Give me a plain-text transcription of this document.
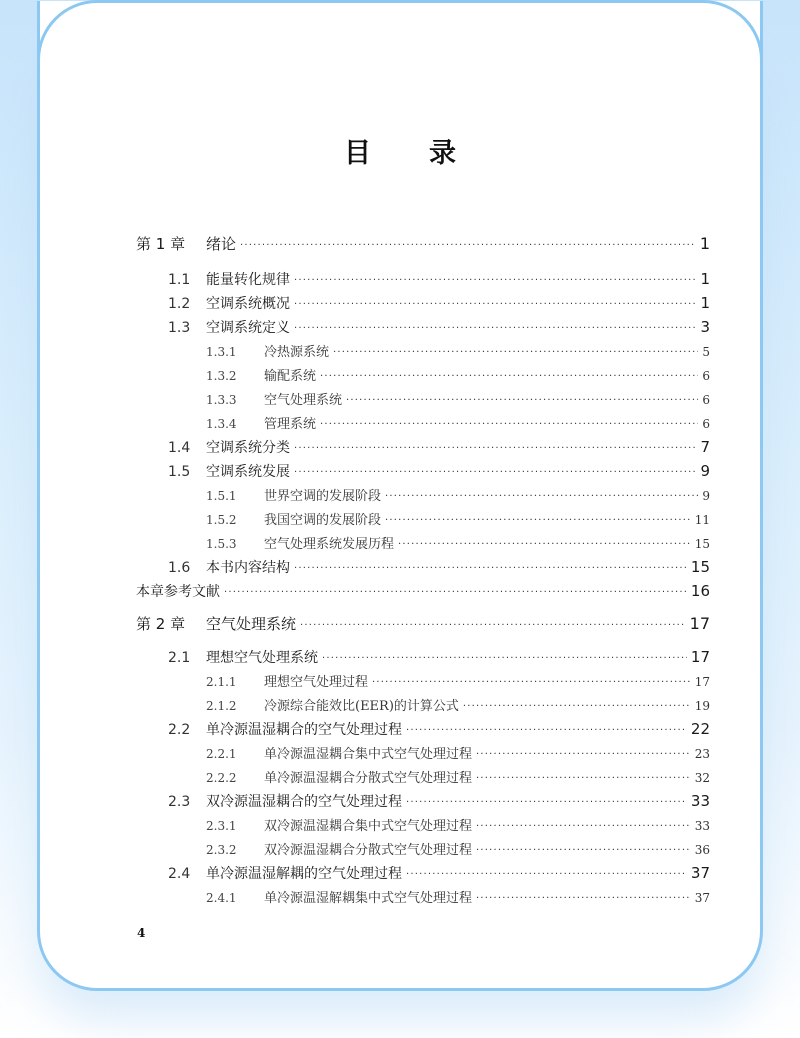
目 录
第 1 章	绪论 ·····	1
1.1	能量转化规律 ·····	1
1.2	空调系统概况 ·····	1
1.3	空调系统定义 ·····	3
1.3.1	冷热源系统 ·····	5
1.3.2	输配系统 ·····	6
1.3.3	空气处理系统 ·····	6
1.3.4	管理系统 ·····	6
1.4	空调系统分类 ·····	7
1.5	空调系统发展 ·····	9
1.5.1	世界空调的发展阶段 ·····	9
1.5.2	我国空调的发展阶段 ·····	11
1.5.3	空气处理系统发展历程 ·····	15
1.6	本书内容结构 ·····	15
本章参考文献 ·····	16
第 2 章	空气处理系统 ·····	17
2.1	理想空气处理系统 ·····	17
2.1.1	理想空气处理过程 ·····	17
2.1.2	冷源综合能效比(EER)的计算公式 ·····	19
2.2	单冷源温湿耦合的空气处理过程 ·····	22
2.2.1	单冷源温湿耦合集中式空气处理过程 ·····	23
2.2.2	单冷源温湿耦合分散式空气处理过程 ·····	32
2.3	双冷源温湿耦合的空气处理过程 ·····	33
2.3.1	双冷源温湿耦合集中式空气处理过程 ·····	33
2.3.2	双冷源温湿耦合分散式空气处理过程 ·····	36
2.4	单冷源温湿解耦的空气处理过程 ·····	37
2.4.1	单冷源温湿解耦集中式空气处理过程 ·····	37
4
